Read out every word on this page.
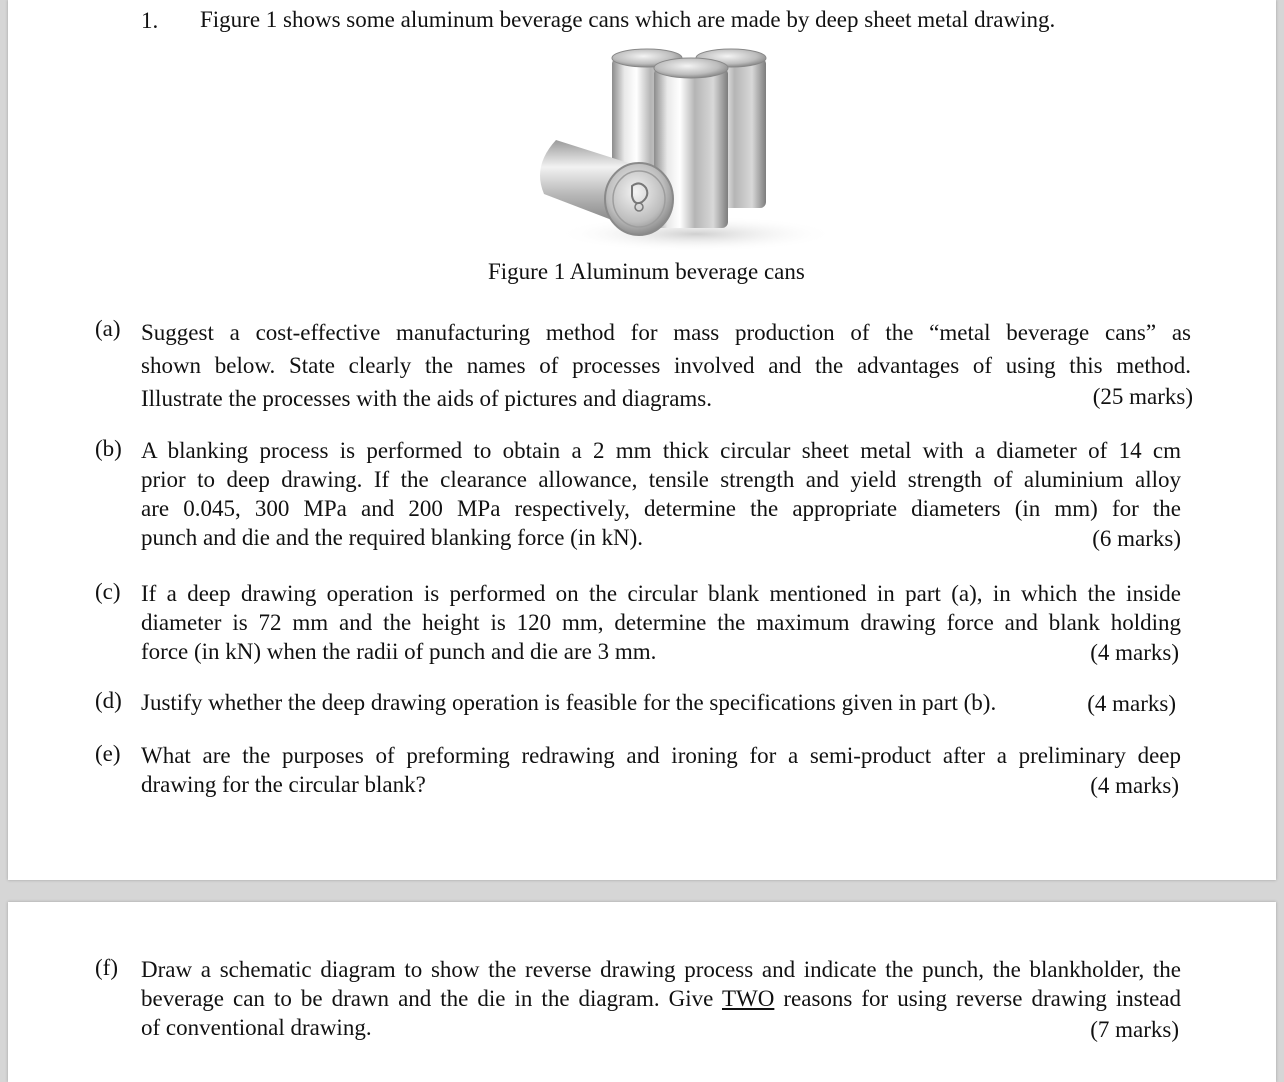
1. Figure 1 shows some aluminum beverage cans which are made by deep sheet metal drawing.
Figure 1 Aluminum beverage cans
(a) Suggest a cost-effective manufacturing method for mass production of the “metal beverage cans” as
shown below. State clearly the names of processes involved and the advantages of using this method.
Illustrate the processes with the aids of pictures and diagrams.	(25 marks)
(b) A blanking process is performed to obtain a 2 mm thick circular sheet metal with a diameter of 14 cm
prior to deep drawing. If the clearance allowance, tensile strength and yield strength of aluminium alloy
are 0.045, 300 MPa and 200 MPa respectively, determine the appropriate diameters (in mm) for the
punch and die and the required blanking force (in kN).	(6 marks)
(c) If a deep drawing operation is performed on the circular blank mentioned in part (a), in which the inside
diameter is 72 mm and the height is 120 mm, determine the maximum drawing force and blank holding
force (in kN) when the radii of punch and die are 3 mm.	(4 marks)
(d) Justify whether the deep drawing operation is feasible for the specifications given in part (b).	(4 marks)
(e) What are the purposes of preforming redrawing and ironing for a semi-product after a preliminary deep
drawing for the circular blank?	(4 marks)
(f) Draw a schematic diagram to show the reverse drawing process and indicate the punch, the blankholder, the
beverage can to be drawn and the die in the diagram. Give TWO reasons for using reverse drawing instead
of conventional drawing.	(7 marks)
